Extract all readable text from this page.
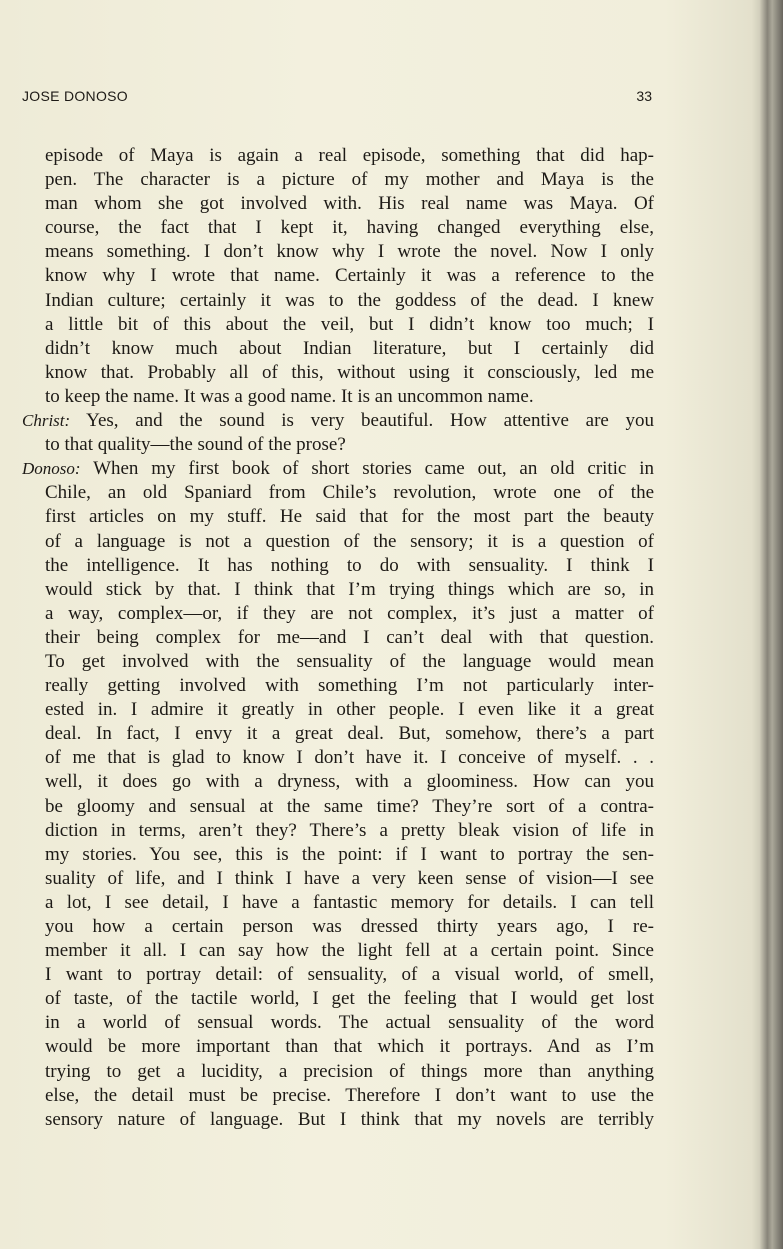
JOSE DONOSO	33
episode of Maya is again a real episode, something that did hap-
pen. The character is a picture of my mother and Maya is the
man whom she got involved with. His real name was Maya. Of
course, the fact that I kept it, having changed everything else,
means something. I don’t know why I wrote the novel. Now I only
know why I wrote that name. Certainly it was a reference to the
Indian culture; certainly it was to the goddess of the dead. I knew
a little bit of this about the veil, but I didn’t know too much; I
didn’t know much about Indian literature, but I certainly did
know that. Probably all of this, without using it consciously, led me
to keep the name. It was a good name. It is an uncommon name.
Christ: Yes, and the sound is very beautiful. How attentive are you
to that quality—the sound of the prose?
Donoso: When my first book of short stories came out, an old critic in
Chile, an old Spaniard from Chile’s revolution, wrote one of the
first articles on my stuff. He said that for the most part the beauty
of a language is not a question of the sensory; it is a question of
the intelligence. It has nothing to do with sensuality. I think I
would stick by that. I think that I’m trying things which are so, in
a way, complex—or, if they are not complex, it’s just a matter of
their being complex for me—and I can’t deal with that question.
To get involved with the sensuality of the language would mean
really getting involved with something I’m not particularly inter-
ested in. I admire it greatly in other people. I even like it a great
deal. In fact, I envy it a great deal. But, somehow, there’s a part
of me that is glad to know I don’t have it. I conceive of myself. . .
well, it does go with a dryness, with a gloominess. How can you
be gloomy and sensual at the same time? They’re sort of a contra-
diction in terms, aren’t they? There’s a pretty bleak vision of life in
my stories. You see, this is the point: if I want to portray the sen-
suality of life, and I think I have a very keen sense of vision—I see
a lot, I see detail, I have a fantastic memory for details. I can tell
you how a certain person was dressed thirty years ago, I re-
member it all. I can say how the light fell at a certain point. Since
I want to portray detail: of sensuality, of a visual world, of smell,
of taste, of the tactile world, I get the feeling that I would get lost
in a world of sensual words. The actual sensuality of the word
would be more important than that which it portrays. And as I’m
trying to get a lucidity, a precision of things more than anything
else, the detail must be precise. Therefore I don’t want to use the
sensory nature of language. But I think that my novels are terribly
